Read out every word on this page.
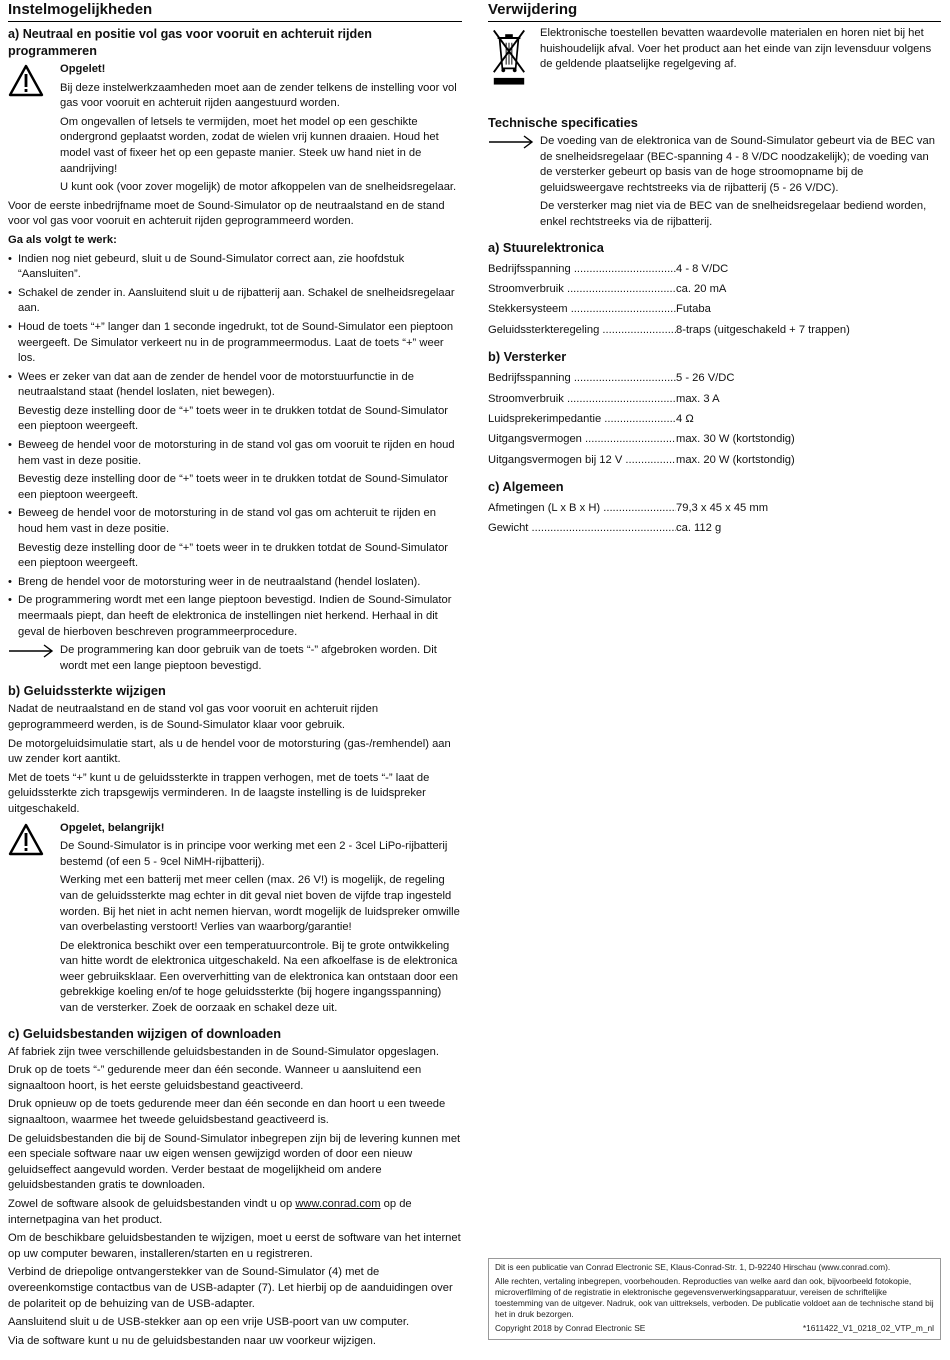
Instelmogelijkheden
a) Neutraal en positie vol gas voor vooruit en achteruit rijden programmeren

Opgelet!

Bij deze instelwerkzaamheden moet aan de zender telkens de instelling voor vol gas voor vooruit en achteruit rijden aangestuurd worden.

Om ongevallen of letsels te vermijden, moet het model op een geschikte ondergrond geplaatst worden, zodat de wielen vrij kunnen draaien. Houd het model vast of fixeer het op een gepaste manier. Steek uw hand niet in de aandrijving!

U kunt ook (voor zover mogelijk) de motor afkoppelen van de snelheidsregelaar.

Voor de eerste inbedrijfname moet de Sound-Simulator op de neutraalstand en de stand voor vol gas voor vooruit en achteruit rijden geprogrammeerd worden.

Ga als volgt te werk:

• Indien nog niet gebeurd, sluit u de Sound-Simulator correct aan, zie hoofdstuk “Aansluiten”.

• Schakel de zender in. Aansluitend sluit u de rijbatterij aan. Schakel de snelheidsregelaar aan.

• Houd de toets “+” langer dan 1 seconde ingedrukt, tot de Sound-Simulator een pieptoon weergeeft. De Simulator verkeert nu in de programmeermodus. Laat de toets “+” weer los.

• Wees er zeker van dat aan de zender de hendel voor de motorstuurfunctie in de neutraalstand staat (hendel loslaten, niet bewegen).

Bevestig deze instelling door de “+” toets weer in te drukken totdat de Sound-Simulator een pieptoon weergeeft.

• Beweeg de hendel voor de motorsturing in de stand vol gas om vooruit te rijden en houd hem vast in deze positie.

Bevestig deze instelling door de “+” toets weer in te drukken totdat de Sound-Simulator een pieptoon weergeeft.

• Beweeg de hendel voor de motorsturing in de stand vol gas om achteruit te rijden en houd hem vast in deze positie.

Bevestig deze instelling door de “+” toets weer in te drukken totdat de Sound-Simulator een pieptoon weergeeft.

• Breng de hendel voor de motorsturing weer in de neutraalstand (hendel loslaten).

• De programmering wordt met een lange pieptoon bevestigd. Indien de Sound-Simulator meermaals piept, dan heeft de elektronica de instellingen niet herkend. Herhaal in dit geval de hierboven beschreven programmeerprocedure.

De programmering kan door gebruik van de toets “-” afgebroken worden. Dit wordt met een lange pieptoon bevestigd.

b) Geluidssterkte wijzigen

Nadat de neutraalstand en de stand vol gas voor vooruit en achteruit rijden geprogrammeerd werden, is de Sound-Simulator klaar voor gebruik.

De motorgeluidsimulatie start, als u de hendel voor de motorsturing (gas-/remhendel) aan uw zender kort aantikt.

Met de toets “+” kunt u de geluidssterkte in trappen verhogen, met de toets “-” laat de geluidssterkte zich trapsgewijs verminderen. In de laagste instelling is de luidspreker uitgeschakeld.

Opgelet, belangrijk!

De Sound-Simulator is in principe voor werking met een 2 - 3cel LiPo-rijbatterij bestemd (of een 5 - 9cel NiMH-rijbatterij).

Werking met een batterij met meer cellen (max. 26 V!) is mogelijk, de regeling van de geluidssterkte mag echter in dit geval niet boven de vijfde trap ingesteld worden. Bij het niet in acht nemen hiervan, wordt mogelijk de luidspreker omwille van overbelasting verstoort! Verlies van waarborg/garantie!

De elektronica beschikt over een temperatuurcontrole. Bij te grote ontwikkeling van hitte wordt de elektronica uitgeschakeld. Na een afkoelfase is de elektronica weer gebruiksklaar. Een oververhitting van de elektronica kan ontstaan door een gebrekkige koeling en/of te hoge geluidssterkte (bij hogere ingangsspanning) van de versterker. Zoek de oorzaak en schakel deze uit.

c) Geluidsbestanden wijzigen of downloaden

Af fabriek zijn twee verschillende geluidsbestanden in de Sound-Simulator opgeslagen.

Druk op de toets “-” gedurende meer dan één seconde. Wanneer u aansluitend een signaaltoon hoort, is het eerste geluidsbestand geactiveerd.

Druk opnieuw op de toets gedurende meer dan één seconde en dan hoort u een tweede signaaltoon, waarmee het tweede geluidsbestand geactiveerd is.

De geluidsbestanden die bij de Sound-Simulator inbegrepen zijn bij de levering kunnen met een speciale software naar uw eigen wensen gewijzigd worden of door een nieuw geluidseffect aangevuld worden. Verder bestaat de mogelijkheid om andere geluidsbestanden gratis te downloaden.

Zowel de software alsook de geluidsbestanden vindt u op www.conrad.com op de internetpagina van het product.

Om de beschikbare geluidsbestanden te wijzigen, moet u eerst de software van het internet op uw computer bewaren, installeren/starten en u registreren.

Verbind de driepolige ontvangerstekker van de Sound-Simulator (4) met de overeenkomstige contactbus van de USB-adapter (7). Let hierbij op de aanduidingen over de polariteit op de behuizing van de USB-adapter.

Aansluitend sluit u de USB-stekker aan op een vrije USB-poort van uw computer.

Via de software kunt u nu de geluidsbestanden naar uw voorkeur wijzigen.

Verwijdering

Elektronische toestellen bevatten waardevolle materialen en horen niet bij het huishoudelijk afval. Voer het product aan het einde van zijn levensduur volgens de geldende plaatselijke regelgeving af.

Technische specificaties

De voeding van de elektronica van de Sound-Simulator gebeurt via de BEC van de snelheidsregelaar (BEC-spanning 4 - 8 V/DC noodzakelijk); de voeding van de versterker gebeurt op basis van de hoge stroomopname bij de geluidsweergave rechtstreeks via de rijbatterij (5 - 26 V/DC).

De versterker mag niet via de BEC van de snelheidsregelaar bediend worden, enkel rechtstreeks via de rijbatterij.

a) Stuurelektronica
Bedrijfsspanning .....	4 - 8 V/DC
Stroomverbruik .....	ca. 20 mA
Stekkersysteem .....	Futaba
Geluidssterkteregeling .....	8-traps (uitgeschakeld + 7 trappen)
b) Versterker
Bedrijfsspanning .....	5 - 26 V/DC
Stroomverbruik .....	max. 3 A
Luidsprekerimpedantie .....	4 Ω
Uitgangsvermogen .....	max. 30 W (kortstondig)
Uitgangsvermogen bij 12 V .....	max. 20 W (kortstondig)
c) Algemeen
Afmetingen (L x B x H) .....	79,3 x 45 x 45 mm
Gewicht .....	ca. 112 g

Dit is een publicatie van Conrad Electronic SE, Klaus-Conrad-Str. 1, D-92240 Hirschau (www.conrad.com).

Alle rechten, vertaling inbegrepen, voorbehouden. Reproducties van welke aard dan ook, bijvoorbeeld fotokopie, microverfilming of de registratie in elektronische gegevensverwerkingsapparatuur, vereisen de schriftelijke toestemming van de uitgever. Nadruk, ook van uittreksels, verboden. De publicatie voldoet aan de technische stand bij het in druk bezorgen.

Copyright 2018 by Conrad Electronic SE	*1611422_V1_0218_02_VTP_m_nl
